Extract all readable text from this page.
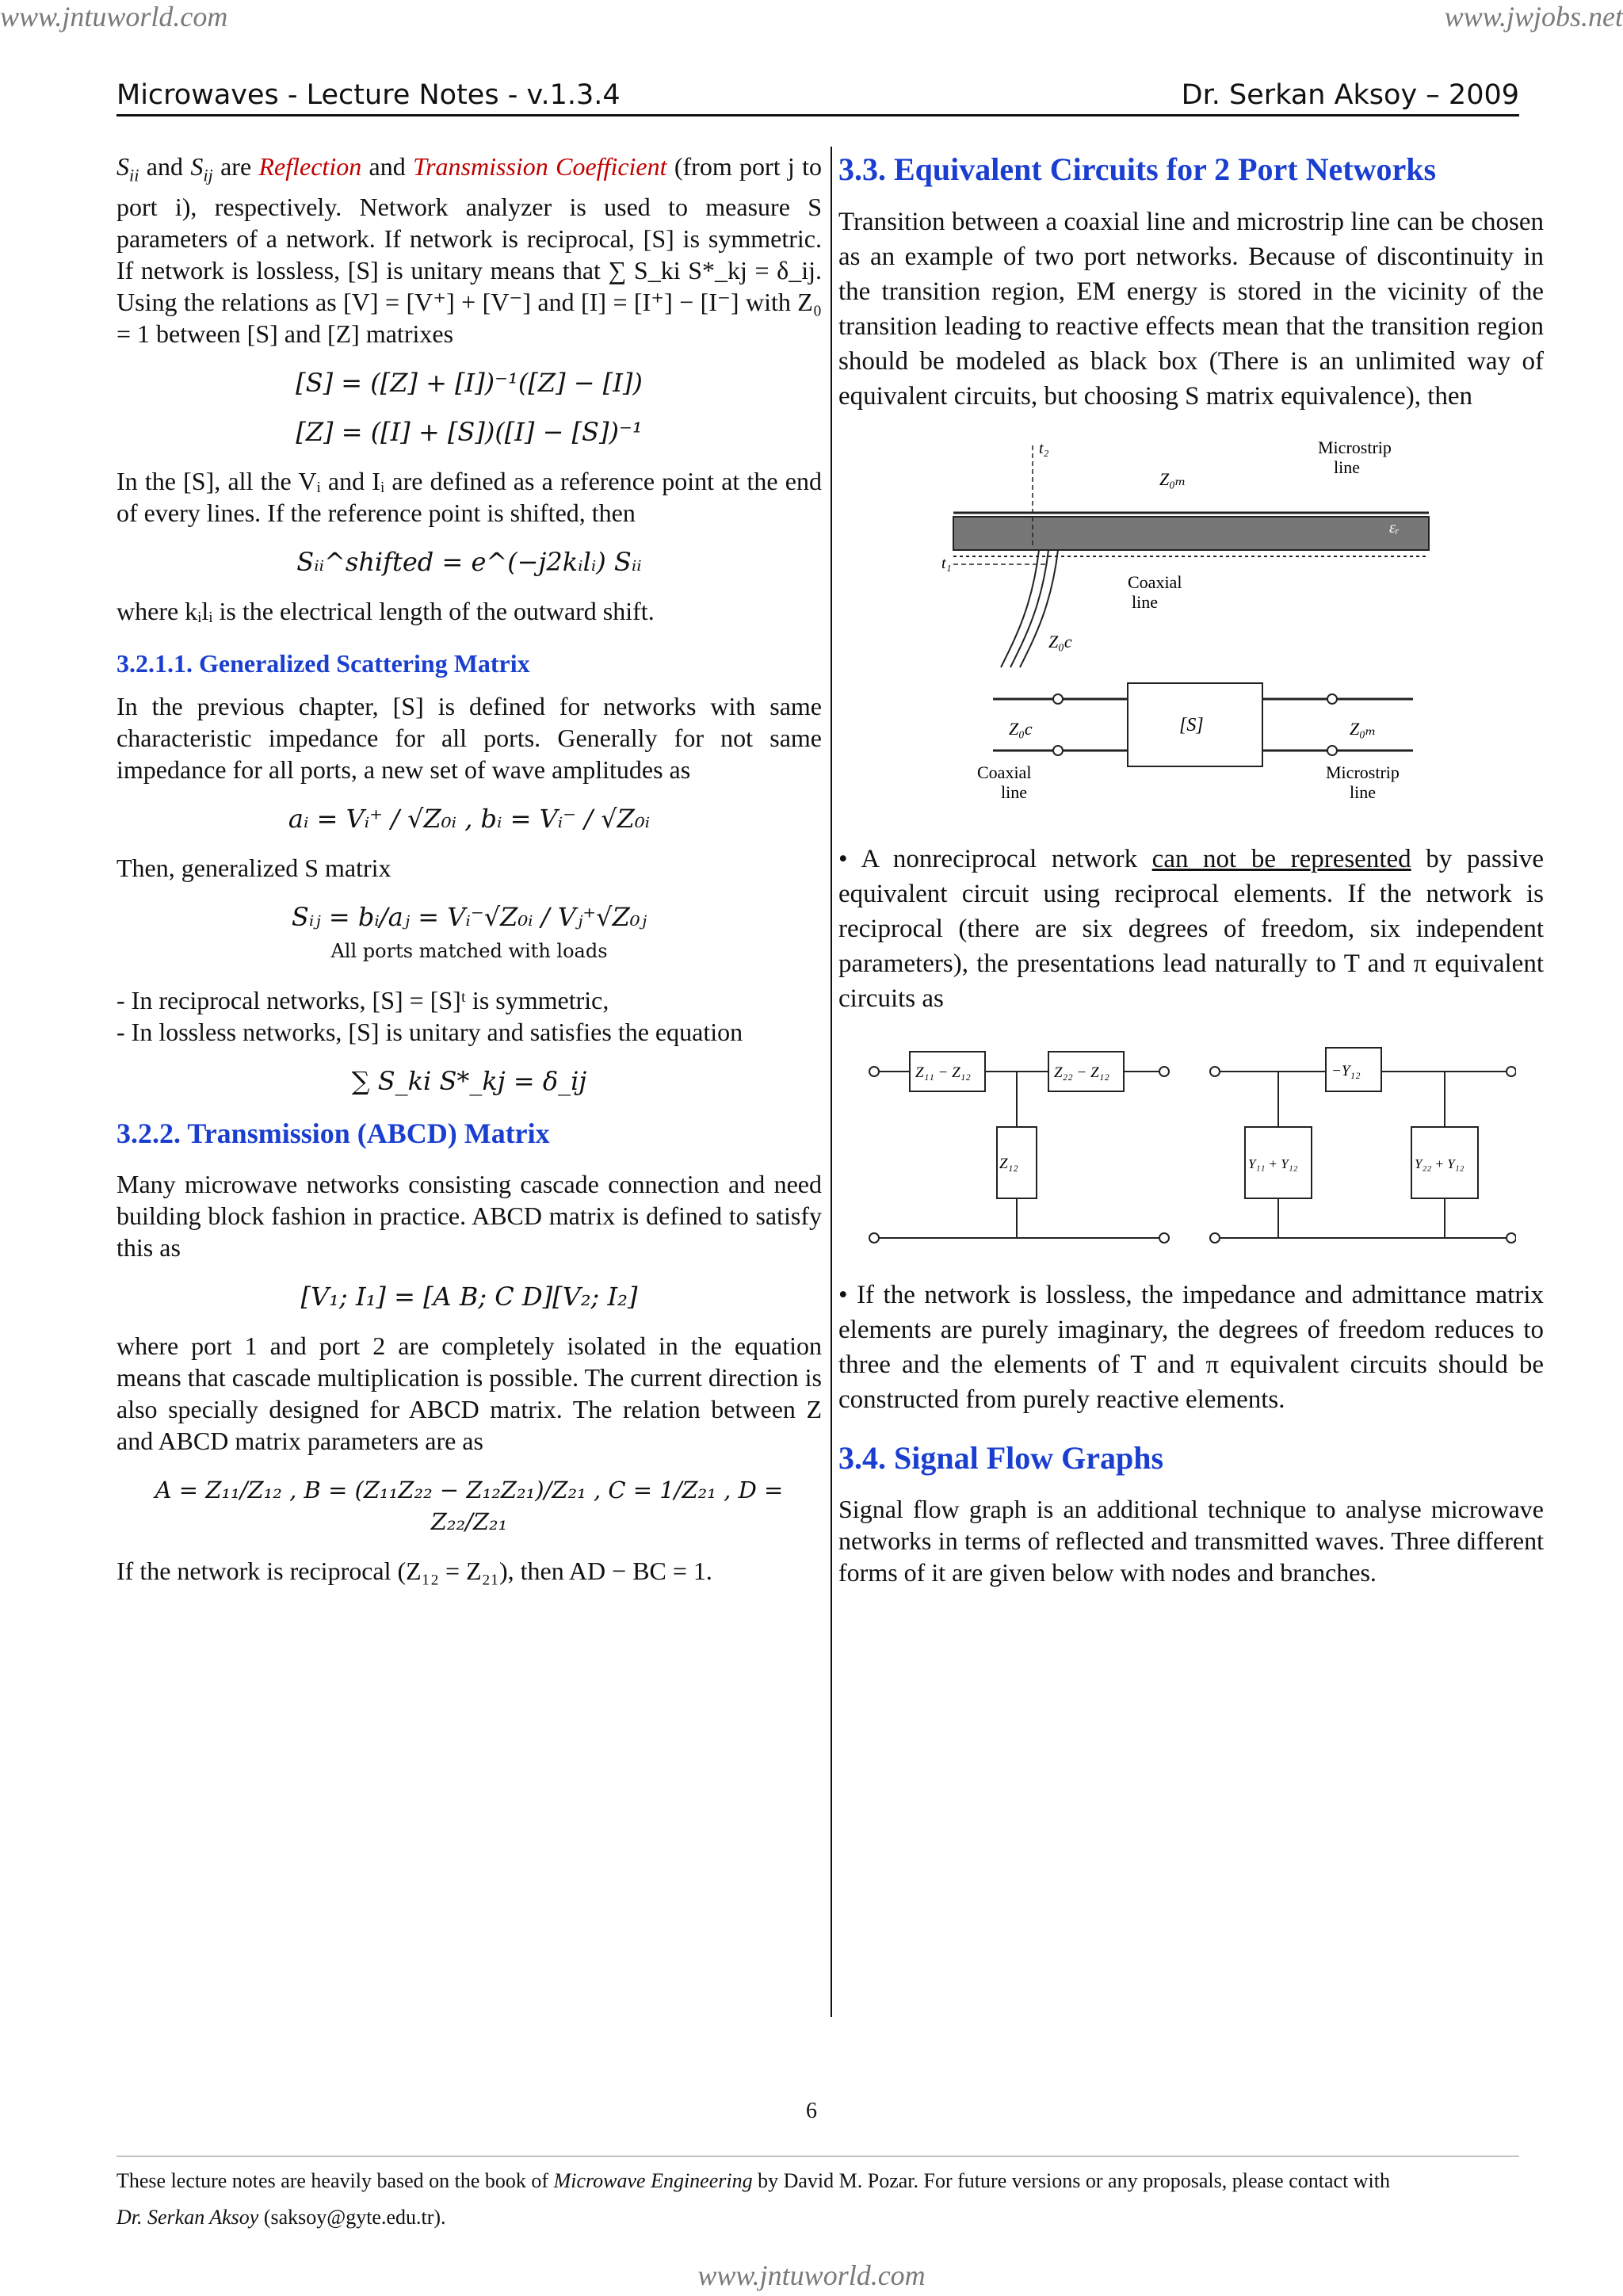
www.jntuworld.com	www.jwjobs.net
Microwaves - Lecture Notes - v.1.3.4	Dr. Serkan Aksoy – 2009

$S_{ii}$ and $S_{ij}$ are Reflection and Transmission Coefficient (from port j to port i), respectively. Network analyzer is used to measure S parameters of a network. If network is reciprocal, [S] is symmetric. If network is lossless, [S] is unitary means that ∑ S_ki S*_kj = δ_ij. Using the relations as [V] = [V⁺] + [V⁻] and [I] = [I⁺] − [I⁻] with Z₀ = 1 between [S] and [Z] matrixes

[S] = ([Z] + [I])⁻¹([Z] − [I])
[Z] = ([I] + [S])([I] − [S])⁻¹

In the [S], all the Vᵢ and Iᵢ are defined as a reference point at the end of every lines. If the reference point is shifted, then

Sᵢᵢ^shifted = e^(−j2kᵢlᵢ) Sᵢᵢ

where kᵢlᵢ is the electrical length of the outward shift.

3.2.1.1. Generalized Scattering Matrix

In the previous chapter, [S] is defined for networks with same characteristic impedance for all ports. Generally for not same impedance for all ports, a new set of wave amplitudes as

aᵢ = Vᵢ⁺ / √Z₀ᵢ , bᵢ = Vᵢ⁻ / √Z₀ᵢ

Then, generalized S matrix

Sᵢⱼ = bᵢ/aⱼ = Vᵢ⁻√Z₀ᵢ / Vⱼ⁺√Z₀ⱼ
All ports matched with loads

- In reciprocal networks, [S] = [S]ᵗ is symmetric,

- In lossless networks, [S] is unitary and satisfies the equation

∑ S_ki S*_kj = δ_ij
3.2.2. Transmission (ABCD) Matrix

Many microwave networks consisting cascade connection and need building block fashion in practice. ABCD matrix is defined to satisfy this as

[V₁; I₁] = [A B; C D][V₂; I₂]

where port 1 and port 2 are completely isolated in the equation means that cascade multiplication is possible. The current direction is also specially designed for ABCD matrix. The relation between Z and ABCD matrix parameters are as

A = Z₁₁/Z₁₂ , B = (Z₁₁Z₂₂ − Z₁₂Z₂₁)/Z₂₁ , C = 1/Z₂₁ , D = Z₂₂/Z₂₁

If the network is reciprocal (Z₁₂ = Z₂₁), then AD − BC = 1.

3.3. Equivalent Circuits for 2 Port Networks

Transition between a coaxial line and microstrip line can be chosen as an example of two port networks. Because of discontinuity in the transition region, EM energy is stored in the vicinity of the transition leading to reactive effects mean that the transition region should be modeled as black box (There is an unlimited way of equivalent circuits, but choosing S matrix equivalence), then

t₂
t₁
Z₀ₘ
Microstrip
line
εᵣ
Coaxial
line
Z₀c
[S]
Z₀c	Z₀ₘ
Coaxial
line
Microstrip
line

• A nonreciprocal network can not be represented by passive equivalent circuit using reciprocal elements. If the network is reciprocal (there are six degrees of freedom, six independent parameters), the presentations lead naturally to T and π equivalent circuits as

Z₁₁ − Z₁₂	Z₂₂ − Z₁₂
Z₁₂
−Y₁₂
Y₁₁ + Y₁₂	Y₂₂ + Y₁₂

• If the network is lossless, the impedance and admittance matrix elements are purely imaginary, the degrees of freedom reduces to three and the elements of T and π equivalent circuits should be constructed from purely reactive elements.

3.4. Signal Flow Graphs

Signal flow graph is an additional technique to analyse microwave networks in terms of reflected and transmitted waves. Three different forms of it are given below with nodes and branches.

6
These lecture notes are heavily based on the book of Microwave Engineering by David M. Pozar. For future versions or any proposals, please contact with
Dr. Serkan Aksoy (saksoy@gyte.edu.tr).
www.jntuworld.com
